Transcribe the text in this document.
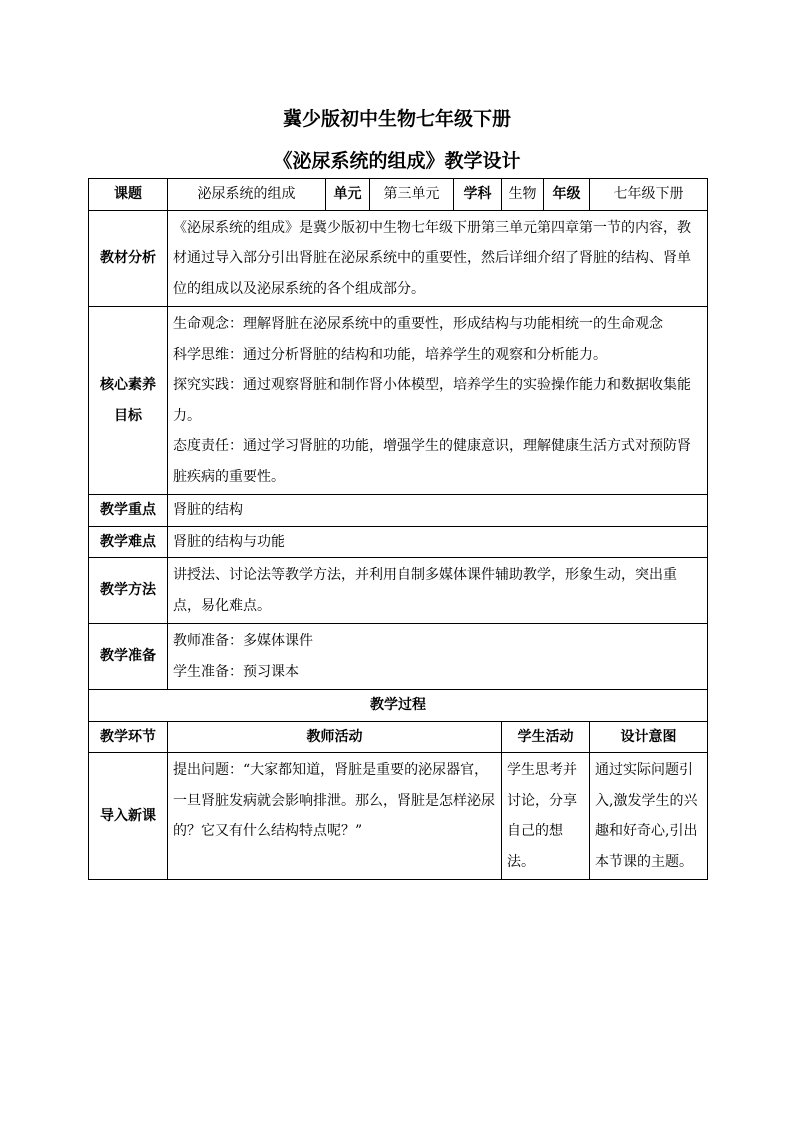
冀少版初中生物七年级下册
《泌尿系统的组成》教学设计
课题	泌尿系统的组成	单元	第三单元	学科	生物	年级	七年级下册
教材分析	《泌尿系统的组成》是冀少版初中生物七年级下册第三单元第四章第一节的内容，教材通过导入部分引出肾脏在泌尿系统中的重要性，然后详细介绍了肾脏的结构、肾单位的组成以及泌尿系统的各个组成部分。						
核心素养目标	生命观念：理解肾脏在泌尿系统中的重要性，形成结构与功能相统一的生命观念
科学思维：通过分析肾脏的结构和功能，培养学生的观察和分析能力。
探究实践：通过观察肾脏和制作肾小体模型，培养学生的实验操作能力和数据收集能力。
态度责任：通过学习肾脏的功能，增强学生的健康意识，理解健康生活方式对预防肾脏疾病的重要性。						

教学重点	肾脏的结构						
教学难点	肾脏的结构与功能						
教学方法	讲授法、讨论法等教学方法，并利用自制多媒体课件辅助教学，形象生动，突出重点，易化难点。						
教学准备	教师准备：多媒体课件
学生准备：预习课本						

教学过程							
教学环节	教师活动				学生活动		设计意图
导入新课	提出问题：“大家都知道，肾脏是重要的泌尿器官，一旦肾脏发病就会影响排泄。那么，肾脏是怎样泌尿的？它又有什么结构特点呢？”				学生思考并讨论，分享自己的想法。		通过实际问题引入,激发学生的兴趣和好奇心,引出本节课的主题。
